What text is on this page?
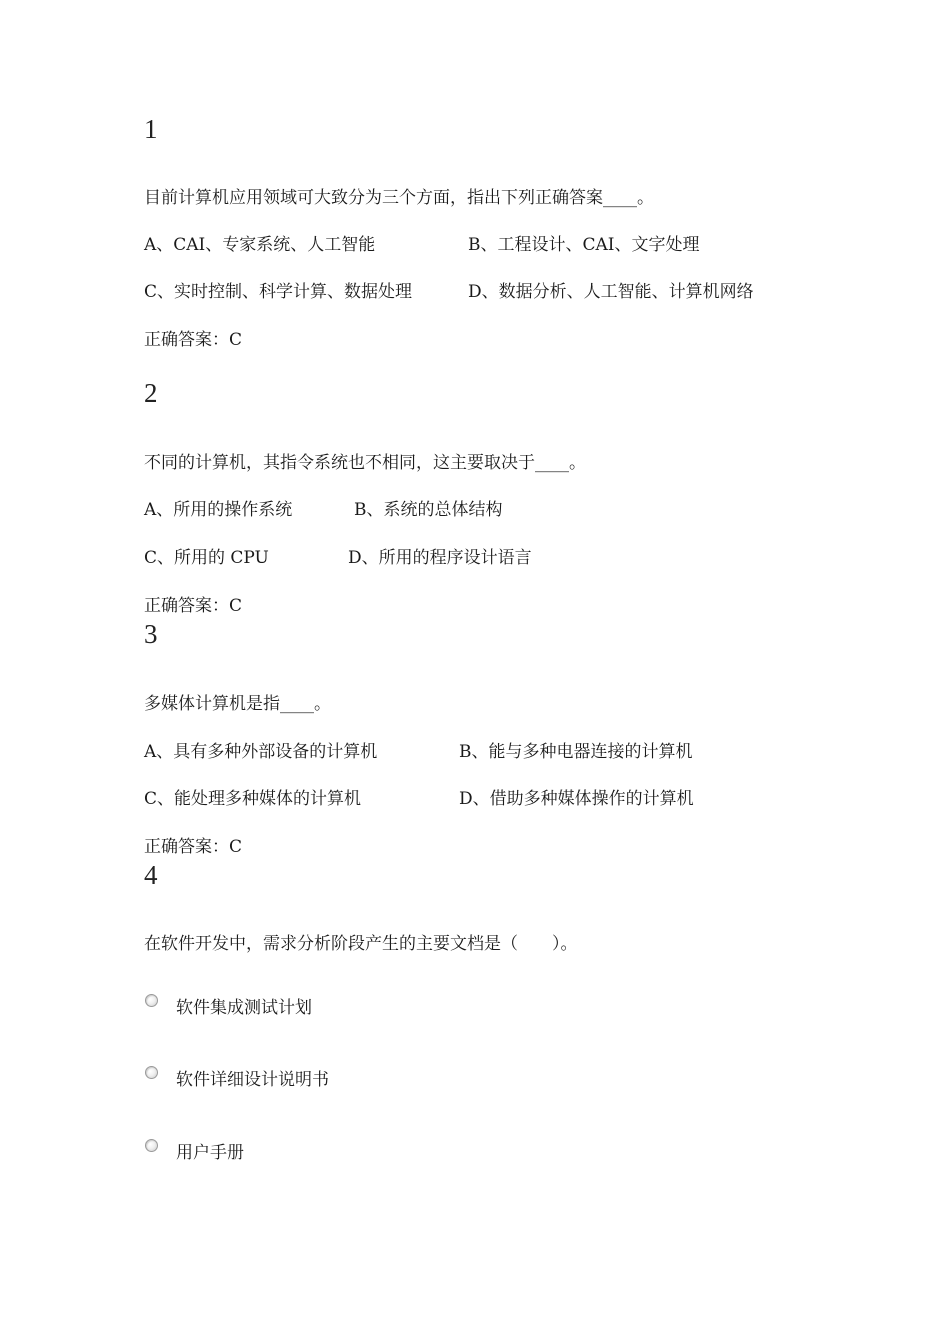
1
目前计算机应用领域可大致分为三个方面，指出下列正确答案____。
A、CAI、专家系统、人工智能	B、工程设计、CAI、文字处理
C、实时控制、科学计算、数据处理	D、数据分析、人工智能、计算机网络
正确答案：C
2
不同的计算机，其指令系统也不相同，这主要取决于____。
A、所用的操作系统	B、系统的总体结构
C、所用的 CPU	D、所用的程序设计语言
正确答案：C
3
多媒体计算机是指____。
A、具有多种外部设备的计算机	B、能与多种电器连接的计算机
C、能处理多种媒体的计算机	D、借助多种媒体操作的计算机
正确答案：C
4
在软件开发中，需求分析阶段产生的主要文档是（　　）。
软件集成测试计划
软件详细设计说明书
用户手册
